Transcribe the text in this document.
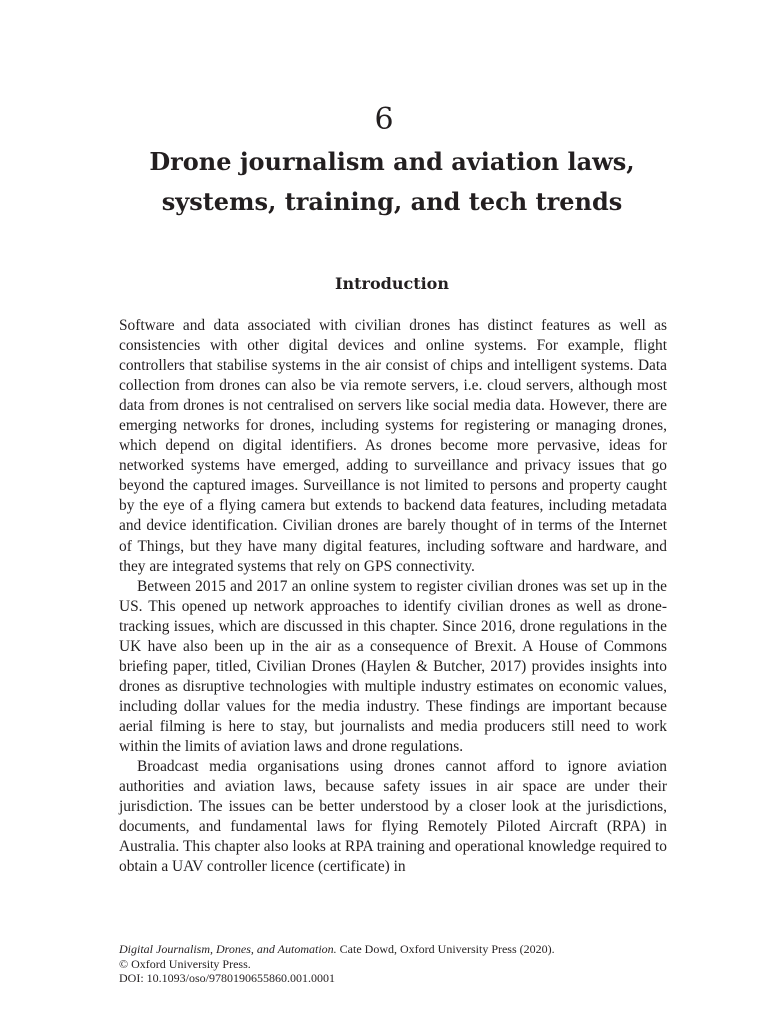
6
Drone journalism and aviation laws, systems, training, and tech trends
Introduction

Software and data associated with civilian drones has distinct features as well as consistencies with other digital devices and online systems. For example, flight controllers that stabilise systems in the air consist of chips and intelligent systems. Data collection from drones can also be via remote servers, i.e. cloud servers, although most data from drones is not centralised on servers like social media data. However, there are emerging networks for drones, including systems for registering or managing drones, which depend on digital identifiers. As drones become more pervasive, ideas for networked systems have emerged, adding to surveillance and privacy issues that go beyond the captured images. Surveillance is not limited to persons and property caught by the eye of a flying camera but extends to backend data features, including metadata and device identification. Civilian drones are barely thought of in terms of the Internet of Things, but they have many digital features, including software and hardware, and they are integrated systems that rely on GPS connectivity.

Between 2015 and 2017 an online system to register civilian drones was set up in the US. This opened up network approaches to identify civilian drones as well as drone-tracking issues, which are discussed in this chapter. Since 2016, drone regulations in the UK have also been up in the air as a consequence of Brexit. A House of Commons briefing paper, titled, Civilian Drones (Haylen & Butcher, 2017) provides insights into drones as disruptive technologies with multiple industry estimates on economic values, including dollar values for the media industry. These findings are important because aerial filming is here to stay, but journalists and media producers still need to work within the limits of aviation laws and drone regulations.

Broadcast media organisations using drones cannot afford to ignore aviation authorities and aviation laws, because safety issues in air space are under their jurisdiction. The issues can be better understood by a closer look at the jurisdictions, documents, and fundamental laws for flying Remotely Piloted Aircraft (RPA) in Australia. This chapter also looks at RPA training and operational knowledge required to obtain a UAV controller licence (certificate) in

Digital Journalism, Drones, and Automation. Cate Dowd, Oxford University Press (2020).
© Oxford University Press.
DOI: 10.1093/oso/9780190655860.001.0001
